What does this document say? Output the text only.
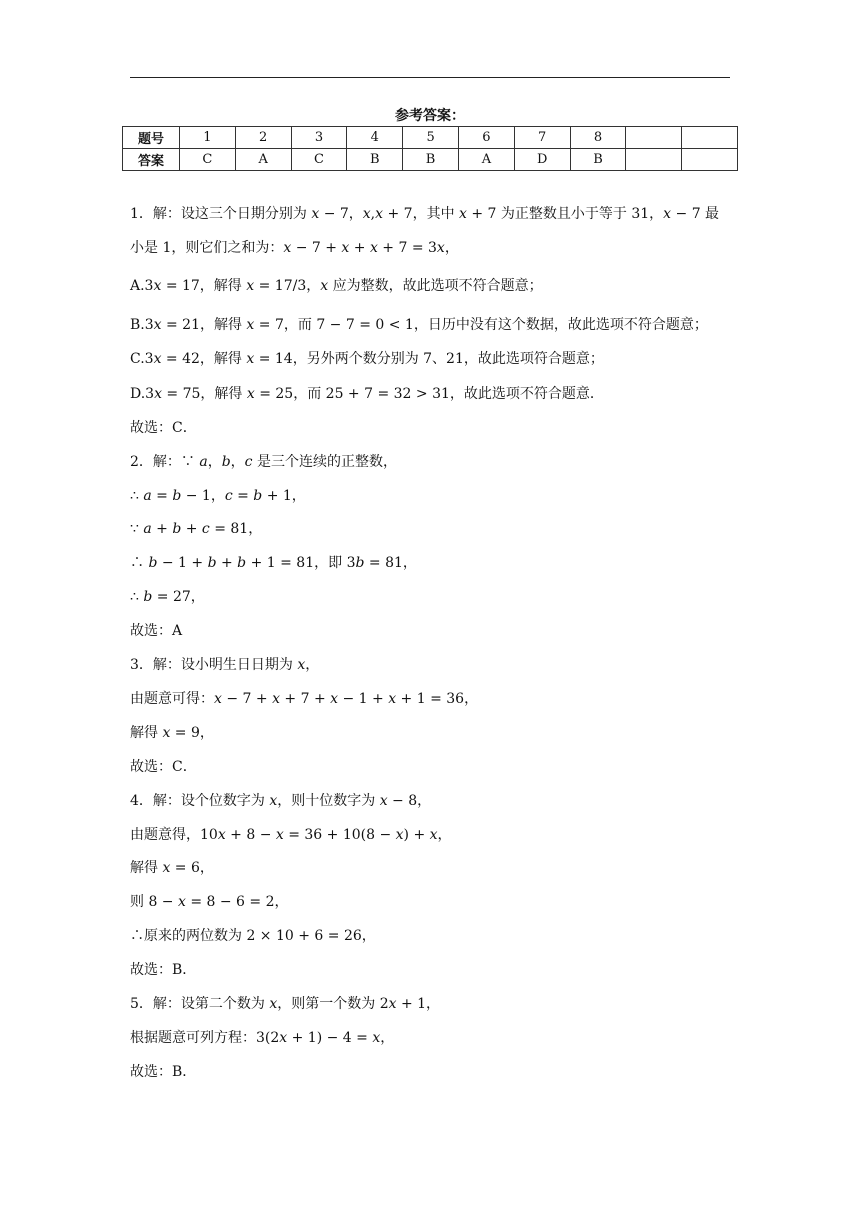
参考答案：
题号	1	2	3	4	5	6	7	8		
答案	C	A	C	B	B	A	D	B		
1．解：设这三个日期分别为 𝑥 − 7，𝑥,𝑥 + 7，其中 𝑥 + 7 为正整数且小于等于 31，𝑥 − 7 最
小是 1，则它们之和为：𝑥 − 7 + 𝑥 + 𝑥 + 7 = 3𝑥，
A.3𝑥 = 17，解得 𝑥 = 17/3，𝑥 应为整数，故此选项不符合题意；
B.3𝑥 = 21，解得 𝑥 = 7，而 7 − 7 = 0 < 1，日历中没有这个数据，故此选项不符合题意；
C.3𝑥 = 42，解得 𝑥 = 14，另外两个数分别为 7、21，故此选项符合题意；
D.3𝑥 = 75，解得 𝑥 = 25，而 25 + 7 = 32 > 31，故此选项不符合题意．
故选：C．
2．解：∵ 𝑎，𝑏，𝑐 是三个连续的正整数，
∴ 𝑎 = 𝑏 − 1，𝑐 = 𝑏 + 1，
∵ 𝑎 + 𝑏 + 𝑐 = 81，
∴ 𝑏 − 1 + 𝑏 + 𝑏 + 1 = 81，即 3𝑏 = 81，
∴ 𝑏 = 27，
故选：A
3．解：设小明生日日期为 𝑥，
由题意可得：𝑥 − 7 + 𝑥 + 7 + 𝑥 − 1 + 𝑥 + 1 = 36，
解得 𝑥 = 9，
故选：C．
4．解：设个位数字为 𝑥，则十位数字为 𝑥 − 8，
由题意得，10𝑥 + 8 − 𝑥 = 36 + 10(8 − 𝑥) + 𝑥，
解得 𝑥 = 6，
则 8 − 𝑥 = 8 − 6 = 2，
∴原来的两位数为 2 × 10 + 6 = 26，
故选：B．
5．解：设第二个数为 𝑥，则第一个数为 2𝑥 + 1，
根据题意可列方程：3(2𝑥 + 1) − 4 = 𝑥，
故选：B．
